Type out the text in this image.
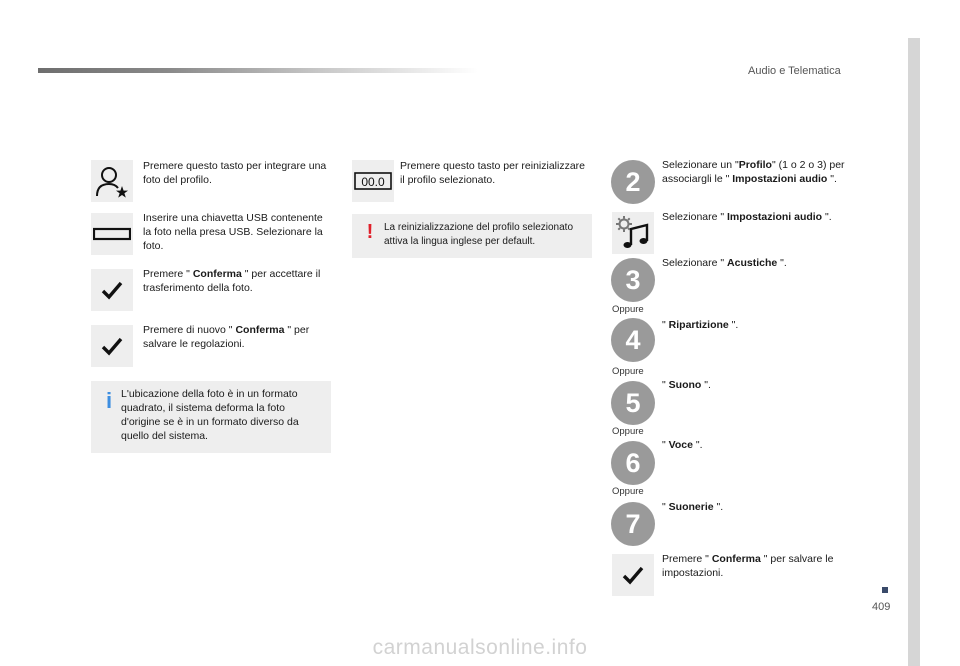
Audio e Telematica
409
Premere questo tasto per integrare una foto del profilo.
Inserire una chiavetta USB contenente la foto nella presa USB. Selezionare la foto.
Premere " Conferma " per accettare il trasferimento della foto.
Premere di nuovo " Conferma " per salvare le regolazioni.
i L'ubicazione della foto è in un formato quadrato, il sistema deforma la foto d'origine se è in un formato diverso da quello del sistema.
00.0
Premere questo tasto per reinizializzare il profilo selezionato.
!	La reinizializzazione del profilo selezionato attiva la lingua inglese per default.
2
Selezionare un "Profilo" (1 o 2 o 3) per associargli le " Impostazioni audio ".
Selezionare " Impostazioni audio ".
3
Selezionare " Acustiche ".
Oppure
4	" Ripartizione ".
Oppure
5
" Suono ".
Oppure
6
" Voce ".
Oppure
7
" Suonerie ".
Premere " Conferma " per salvare le impostazioni.
carmanualsonline.info
